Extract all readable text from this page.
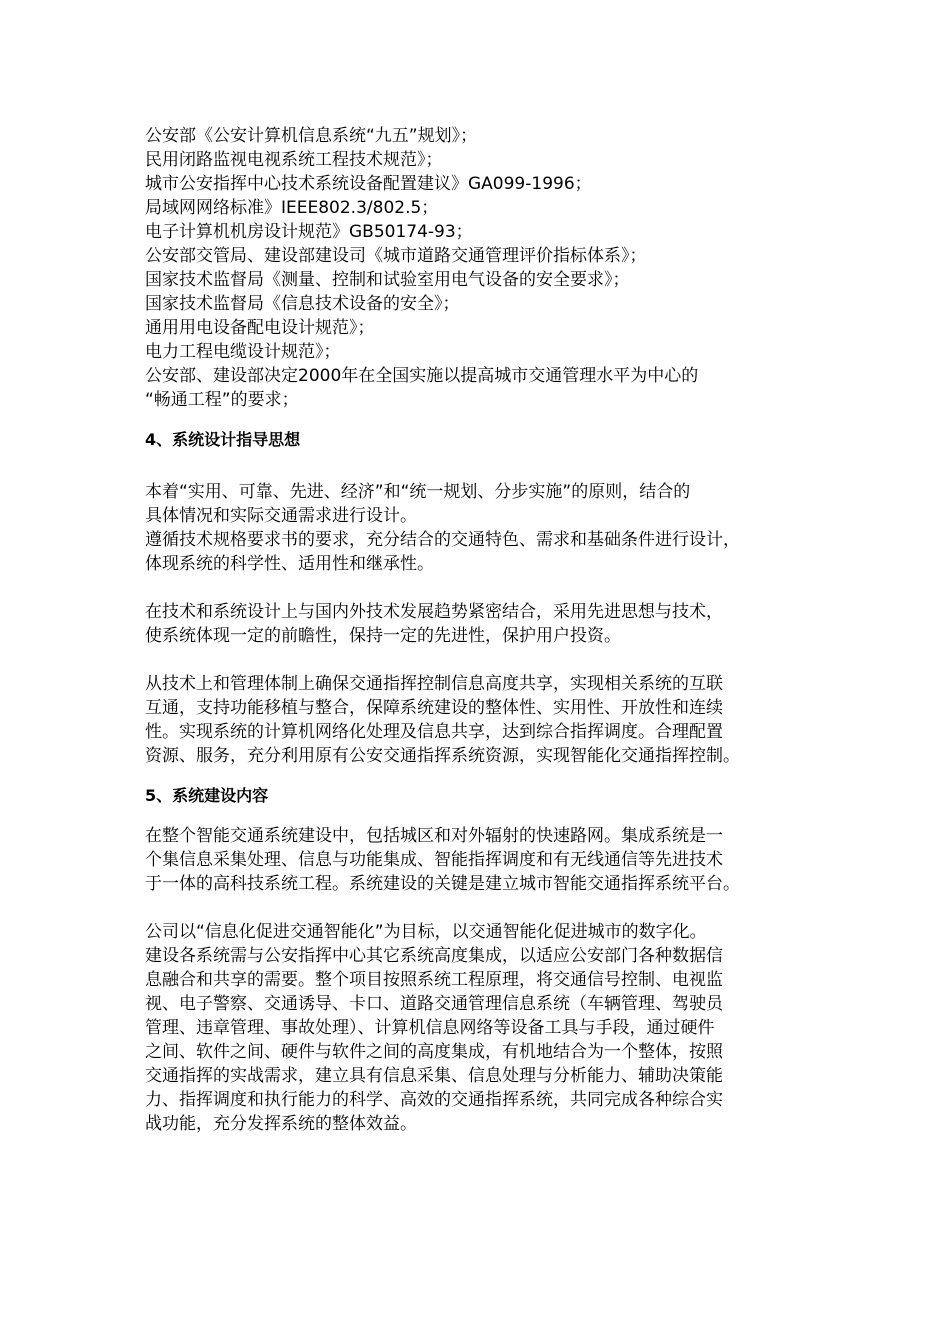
公安部《公安计算机信息系统“九五”规划》；
民用闭路监视电视系统工程技术规范》；
城市公安指挥中心技术系统设备配置建议》GA099-1996；
局域网网络标准》IEEE802.3/802.5；
电子计算机机房设计规范》GB50174-93；
公安部交管局、建设部建设司《城市道路交通管理评价指标体系》；
国家技术监督局《测量、控制和试验室用电气设备的安全要求》；
国家技术监督局《信息技术设备的安全》；
通用用电设备配电设计规范》；
电力工程电缆设计规范》；
公安部、建设部决定2000年在全国实施以提高城市交通管理水平为中心的
“畅通工程”的要求；
4、系统设计指导思想
本着“实用、可靠、先进、经济”和“统一规划、分步实施”的原则，结合的
具体情况和实际交通需求进行设计。
遵循技术规格要求书的要求，充分结合的交通特色、需求和基础条件进行设计，
体现系统的科学性、适用性和继承性。
在技术和系统设计上与国内外技术发展趋势紧密结合，采用先进思想与技术，
使系统体现一定的前瞻性，保持一定的先进性，保护用户投资。
从技术上和管理体制上确保交通指挥控制信息高度共享，实现相关系统的互联
互通，支持功能移植与整合，保障系统建设的整体性、实用性、开放性和连续
性。实现系统的计算机网络化处理及信息共享，达到综合指挥调度。合理配置
资源、服务，充分利用原有公安交通指挥系统资源，实现智能化交通指挥控制。
5、系统建设内容
在整个智能交通系统建设中，包括城区和对外辐射的快速路网。集成系统是一
个集信息采集处理、信息与功能集成、智能指挥调度和有无线通信等先进技术
于一体的高科技系统工程。系统建设的关键是建立城市智能交通指挥系统平台。
公司以“信息化促进交通智能化”为目标，以交通智能化促进城市的数字化。
建设各系统需与公安指挥中心其它系统高度集成，以适应公安部门各种数据信
息融合和共享的需要。整个项目按照系统工程原理，将交通信号控制、电视监
视、电子警察、交通诱导、卡口、道路交通管理信息系统（车辆管理、驾驶员
管理、违章管理、事故处理）、计算机信息网络等设备工具与手段，通过硬件
之间、软件之间、硬件与软件之间的高度集成，有机地结合为一个整体，按照
交通指挥的实战需求，建立具有信息采集、信息处理与分析能力、辅助决策能
力、指挥调度和执行能力的科学、高效的交通指挥系统，共同完成各种综合实
战功能，充分发挥系统的整体效益。
